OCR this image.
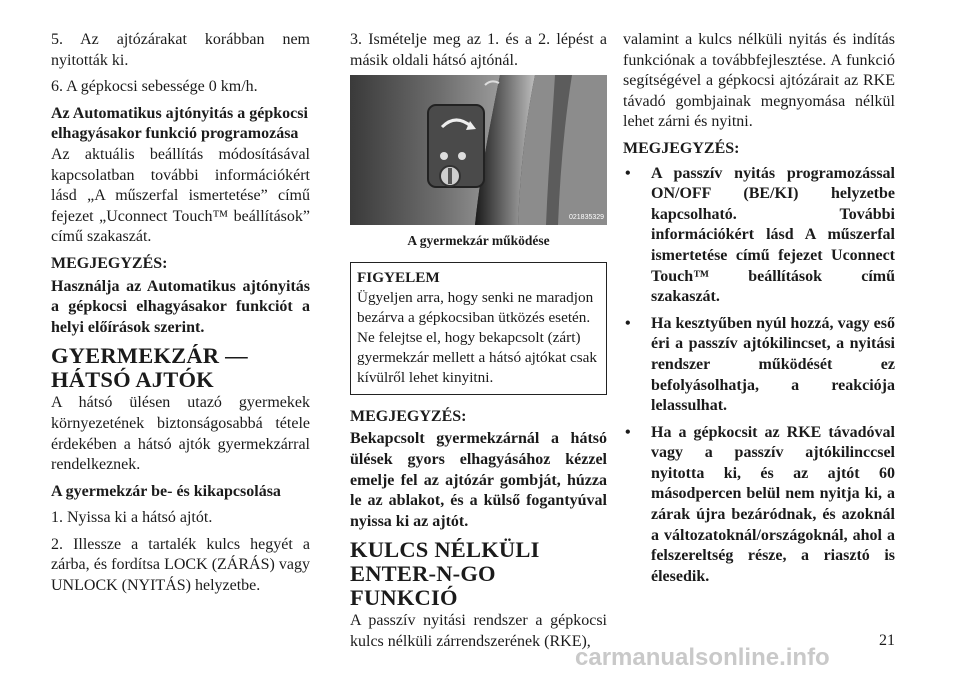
5. Az ajtózárakat korábban nem nyitották ki.

6. A gépkocsi sebessége 0 km/h.

Az Automatikus ajtónyitás a gépkocsi elhagyásakor funkció programozása

Az aktuális beállítás módosításával kapcsolatban további információkért lásd „A műszerfal ismertetése” című fejezet „Uconnect Touch™ beállítások” című szakaszát.

MEGJEGYZÉS:

Használja az Automatikus ajtónyitás a gépkocsi elhagyásakor funkciót a helyi előírások szerint.

GYERMEKZÁR — HÁTSÓ AJTÓK

A hátsó ülésen utazó gyermekek környezetének biztonságosabbá tétele érdekében a hátsó ajtók gyermekzárral rendelkeznek.

A gyermekzár be- és kikapcsolása

1. Nyissa ki a hátsó ajtót.

2. Illessze a tartalék kulcs hegyét a zárba, és fordítsa LOCK (ZÁRÁS) vagy UNLOCK (NYITÁS) helyzetbe.

3. Ismételje meg az 1. és a 2. lépést a másik oldali hátsó ajtónál.

021835329

A gyermekzár működése

FIGYELEM

Ügyeljen arra, hogy senki ne maradjon bezárva a gépkocsiban ütközés esetén. Ne felejtse el, hogy bekapcsolt (zárt) gyermekzár mellett a hátsó ajtókat csak kívülről lehet kinyitni.

MEGJEGYZÉS:

Bekapcsolt gyermekzárnál a hátsó ülések gyors elhagyásához kézzel emelje fel az ajtózár gombját, húzza le az ablakot, és a külső fogantyúval nyissa ki az ajtót.

KULCS NÉLKÜLI ENTER-N-GO FUNKCIÓ

A passzív nyitási rendszer a gépkocsi kulcs nélküli zárrendszerének (RKE),

valamint a kulcs nélküli nyitás és indítás funkciónak a továbbfejlesztése. A funkció segítségével a gépkocsi ajtózárait az RKE távadó gombjainak megnyomása nélkül lehet zárni és nyitni.

MEGJEGYZÉS:

• A passzív nyitás programozással ON/OFF (BE/KI) helyzetbe kapcsolható. További információkért lásd A műszerfal ismertetése című fejezet Uconnect Touch™ beállítások című szakaszát.
• Ha kesztyűben nyúl hozzá, vagy eső éri a passzív ajtókilincset, a nyitási rendszer működését ez befolyásolhatja, a reakciója lelassulhat.
• Ha a gépkocsit az RKE távadóval vagy a passzív ajtókilinccsel nyitotta ki, és az ajtót 60 másodpercen belül nem nyitja ki, a zárak újra bezáródnak, és azoknál a változatoknál/országoknál, ahol a felszereltség része, a riasztó is élesedik.
21
carmanualsonline.info
